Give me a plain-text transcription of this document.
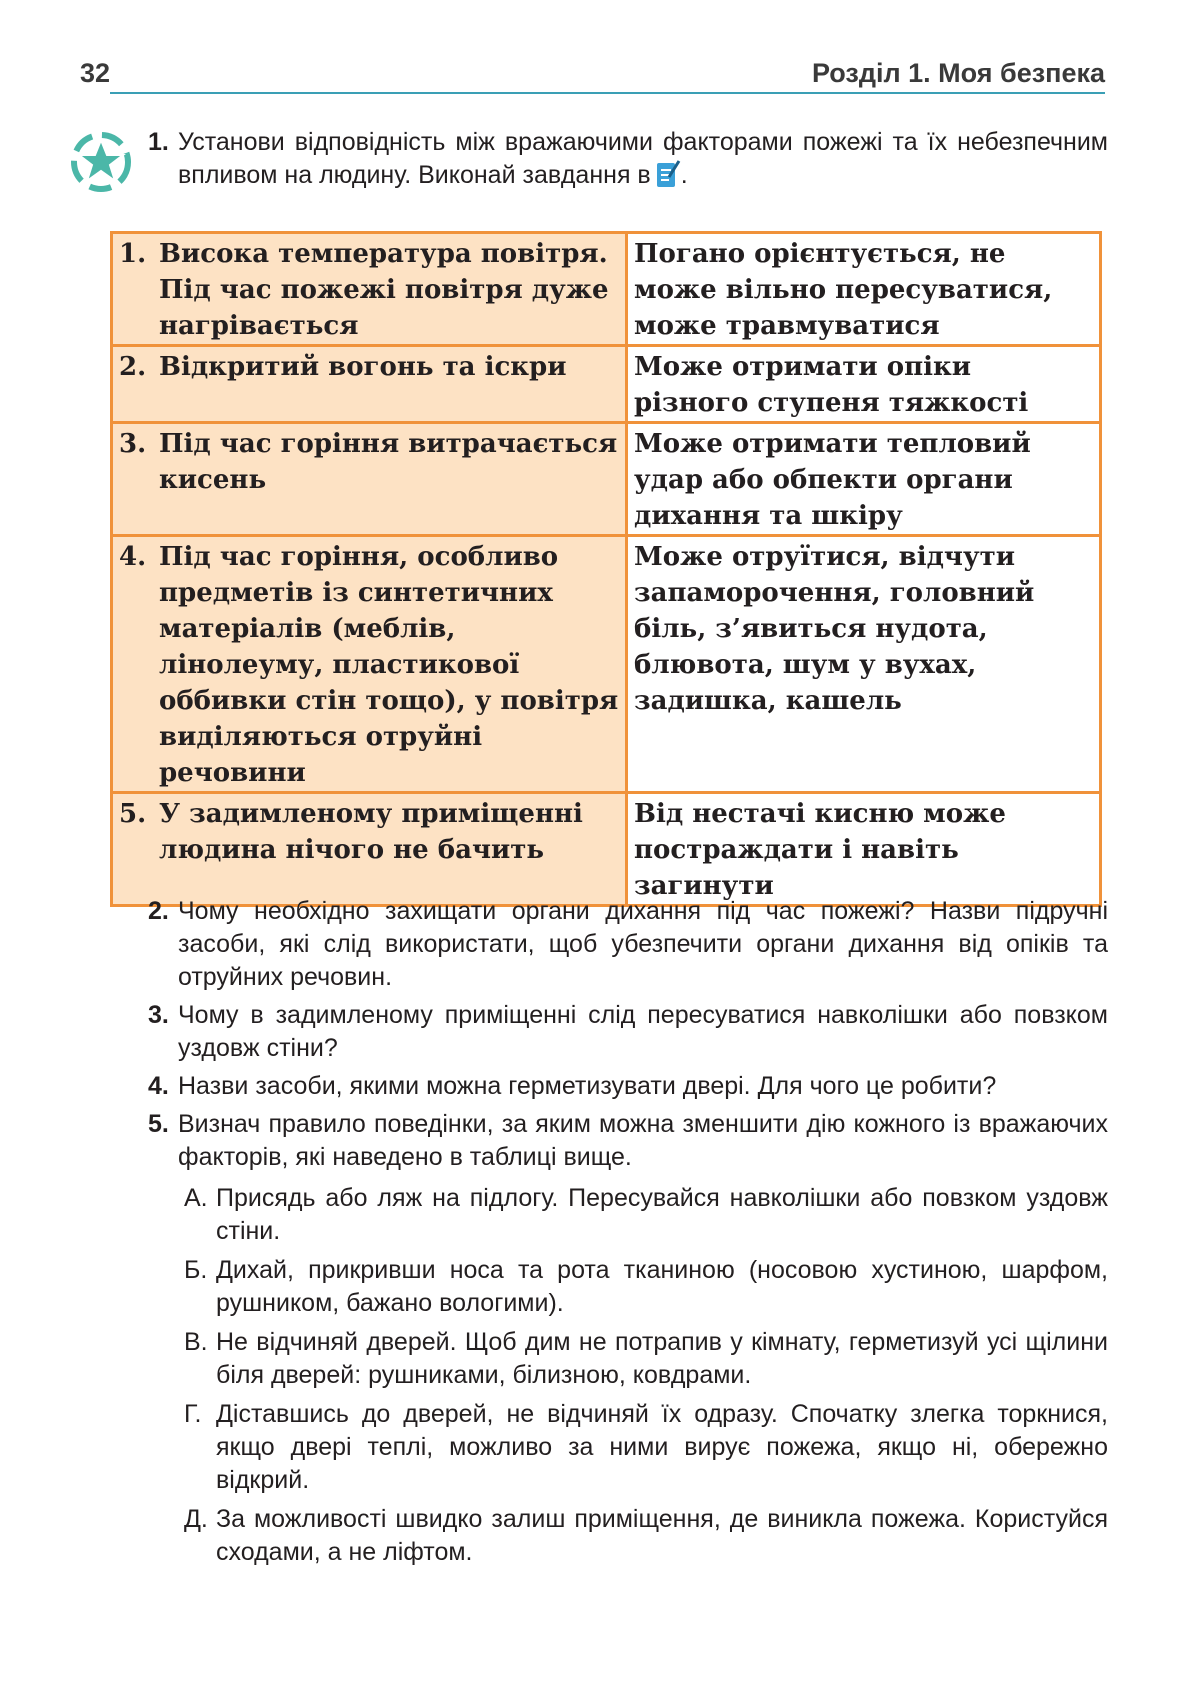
32	Розділ 1. Моя безпека
1. Установи відповідність між вражаючими факторами пожежі та їх небезпечним впливом на людину. Виконай завдання в .
1. Висока температура повітря. Під час пожежі повітря дуже нагрівається	Погано орієнтується, не може вільно пересуватися, може травмуватися

2. Відкритий вогонь та іскри	Може отримати опіки різного ступеня тяжкості

3. Під час горіння витрачається кисень	Може отримати тепловий удар або обпекти органи дихання та шкіру

4. Під час горіння, особливо предметів із синтетичних матеріалів (меблів, лінолеуму, пластикової оббивки стін тощо), у повітря виділяються отруйні речовини	Може отруїтися, відчути запаморочення, головний біль, з’явиться нудота, блювота, шум у вухах, задишка, кашель

5. У задимленому приміщенні людина нічого не бачить	Від нестачі кисню може постраждати і навіть загинути
2. Чому необхідно захищати органи дихання під час пожежі? Назви підручні засоби, які слід використати, щоб убезпечити органи дихання від опіків та отруйних речовин.
3. Чому в задимленому приміщенні слід пересуватися навколішки або повзком уздовж стіни?
4. Назви засоби, якими можна герметизувати двері. Для чого це робити?
5. Визнач правило поведінки, за яким можна зменшити дію кожного із вражаючих факторів, які наведено в таблиці вище.
А. Присядь або ляж на підлогу. Пересувайся навколішки або повзком уздовж стіни.
Б. Дихай, прикривши носа та рота тканиною (носовою хустиною, шарфом, рушником, бажано вологими).
В. Не відчиняй дверей. Щоб дим не потрапив у кімнату, герметизуй усі щілини біля дверей: рушниками, білизною, ковдрами.
Г. Діставшись до дверей, не відчиняй їх одразу. Спочатку злегка торкнися, якщо двері теплі, можливо за ними вирує пожежа, якщо ні, обережно відкрий.
Д. За можливості швидко залиш приміщення, де виникла пожежа. Користуйся сходами, а не ліфтом.
